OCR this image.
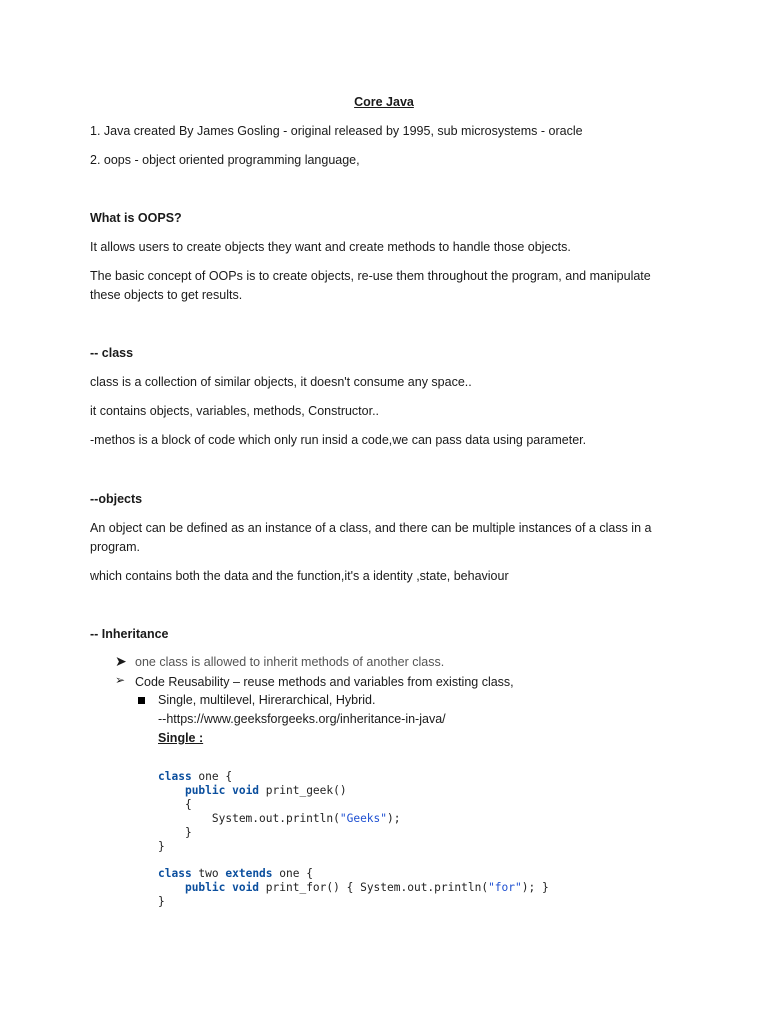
Core Java
1. Java created By James Gosling - original released by 1995, sub microsystems - oracle
2. oops - object oriented programming language,
What is OOPS?
It allows users to create objects they want and create methods to handle those objects.
The basic concept of OOPs is to create objects, re-use them throughout the program, and manipulate
these objects to get results.
-- class
class is a collection of similar objects, it doesn't consume any space..
it contains objects, variables, methods, Constructor..
-methos is a block of code which only run insid a code,we can pass data using parameter.
--objects
An object can be defined as an instance of a class, and there can be multiple instances of a class in a
program.
which contains both the data and the function,it's a identity ,state, behaviour
-- Inheritance
➤ one class is allowed to inherit methods of another class.
➢ Code Reusability – reuse methods and variables from existing class,
Single, multilevel, Hirerarchical, Hybrid.
--https://www.geeksforgeeks.org/inheritance-in-java/
Single :
class one {
public void print_geek()
{
System.out.println("Geeks");
}
}

class two extends one {
public void print_for() { System.out.println("for"); }
}
